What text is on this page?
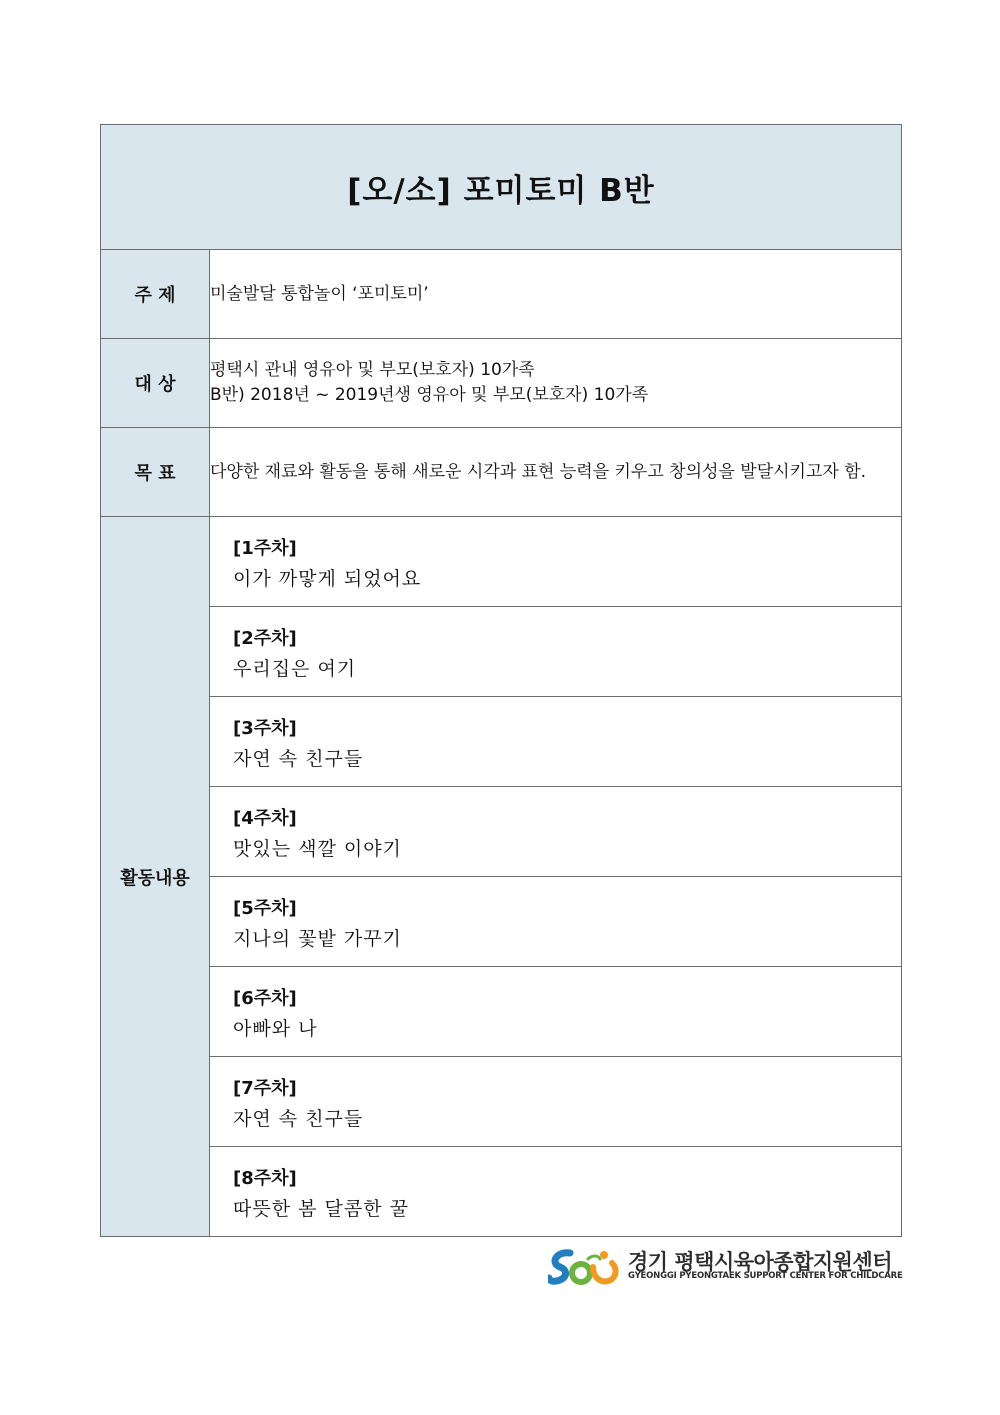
[오/소] 포미토미 B반	
주 제	미술발달 통합놀이 ‘포미토미’
대 상	평택시 관내 영유아 및 부모(보호자) 10가족
B반) 2018년 ~ 2019년생 영유아 및 부모(보호자) 10가족

목 표	다양한 재료와 활동을 통해 새로운 시각과 표현 능력을 키우고 창의성을 발달시키고자 함.
활동내용	[1주차]
이가 까맣게 되었어요

	[2주차]
우리집은 여기

	[3주차]
자연 속 친구들

	[4주차]
맛있는 색깔 이야기

	[5주차]
지나의 꽃밭 가꾸기

	[6주차]
아빠와 나

	[7주차]
자연 속 친구들

	[8주차]
따뜻한 봄 달콤한 꿀
경기 평택시육아종합지원센터
GYEONGGI PYEONGTAEK SUPPORT CENTER FOR CHILDCARE
